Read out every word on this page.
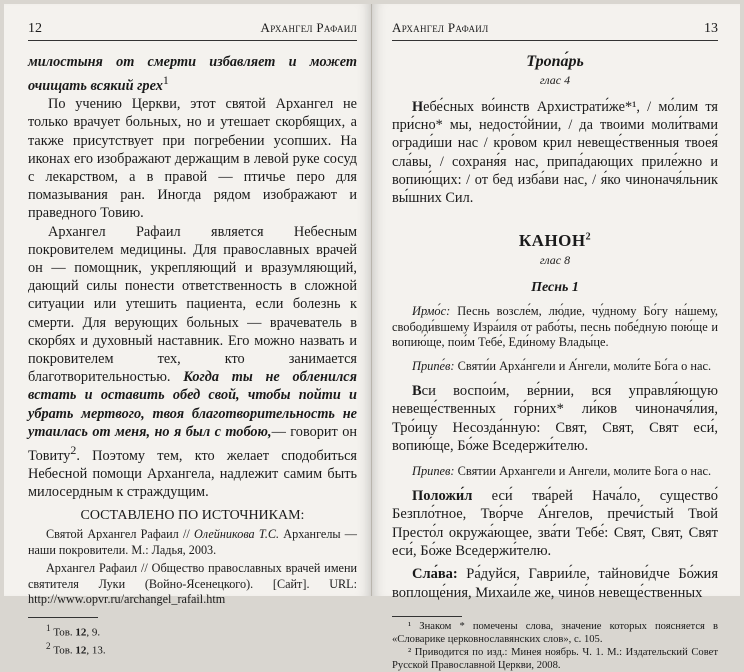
12	Архангел Рафаил

милостыня от смерти избавляет и может очищать всякий грех$^1$

По учению Церкви, этот святой Архангел не только врачует больных, но и утешает скорбящих, а также присутствует при погребении усопших. На иконах его изображают держащим в левой руке сосуд с лекарством, а в правой — птичье перо для помазывания ран. Иногда рядом изображают и праведного Товию.

Архангел Рафаил является Небесным покровителем медицины. Для православных врачей он — помощник, укрепляющий и вразумляющий, дающий силы понести ответственность в сложной ситуации или утешить пациента, если болезнь к смерти. Для верующих больных — врачеватель в скорбях и духовный наставник. Его можно назвать и покровителем тех, кто занимается благотворительностью. Когда ты не обленился встать и оставить обед свой, чтобы пойти и убрать мертвого, твоя благотворительность не утаилась от меня, но я был с тобою,— говорит он Товиту$^2$. Поэтому тем, кто желает сподобиться Небесной помощи Архангела, надлежит самим быть милосердным к страждущим.

СОСТАВЛЕНО ПО ИСТОЧНИКАМ:

Святой Архангел Рафаил // Олейникова Т.С. Архангелы — наши покровители. М.: Ладья, 2003.

Архангел Рафаил // Общество православных врачей имени святителя Луки (Войно-Ясенецкого). [Сайт]. URL: http://www.opvr.ru/archangel_rafail.htm

$^1$ Тов. 12, 9.
$^2$ Тов. 12, 13.
Архангел Рафаил	13
Тропа́рь
глас 4

Небе́сных во́инств Архистрати́же*¹, / мо́лим тя при́сно* мы, недосто́йнии, / да твоими моли́твами огради́ши нас / кро́вом крил невеще́ственныя твоея́ сла́вы, / сохраня́я нас, припа́дающих приле́жно и вопию́щих: / от бед изба́ви нас, / я́ко чиноначя́льник вы́шних Сил.

КАНОН$^2$
глас 8
Песнь 1

Ирмо́с: Песнь возсле́м, лю́дие, чу́дному Бо́гу на́шему, свободи́вшему Изра́иля от рабо́ты, песнь побе́дную пою́ще и вопию́ще, пои́м Тебе́, Еди́ному Влады́це.

Припе́в: Святи́и Арха́нгели и А́нгели, моли́те Бо́га о нас.

Вси воспои́м, ве́рнии, вся управля́ющую невеще́ственных го́рних* ли́ков чиноначя́лия, Тро́ицу Несозда́нную: Свят, Свят, Свят еси́, вопию́ще, Бо́же Вседержи́телю.

Припев: Святии Архангели и Ангели, молите Бога о нас.

Положи́л еси́ тва́рей Нача́ло, существо́ Безпло́тное, Тво́рче А́нгелов, пречи́стый Твой Престо́л окружа́ющее, зва́ти Тебе́: Свят, Свят, Свят еси́, Бо́же Вседержи́телю.

Сла́ва: Ра́дуйся, Гаврии́ле, тайнови́дче Бо́жия воплоще́ния, Михаи́ле же, чино́в невеще́ственных

¹ Знаком * помечены слова, значение которых поясняется в «Словарике церковнославянских слов», с. 105.

² Приводится по изд.: Минея ноябрь. Ч. 1. М.: Издательский Совет Русской Православной Церкви, 2008.
